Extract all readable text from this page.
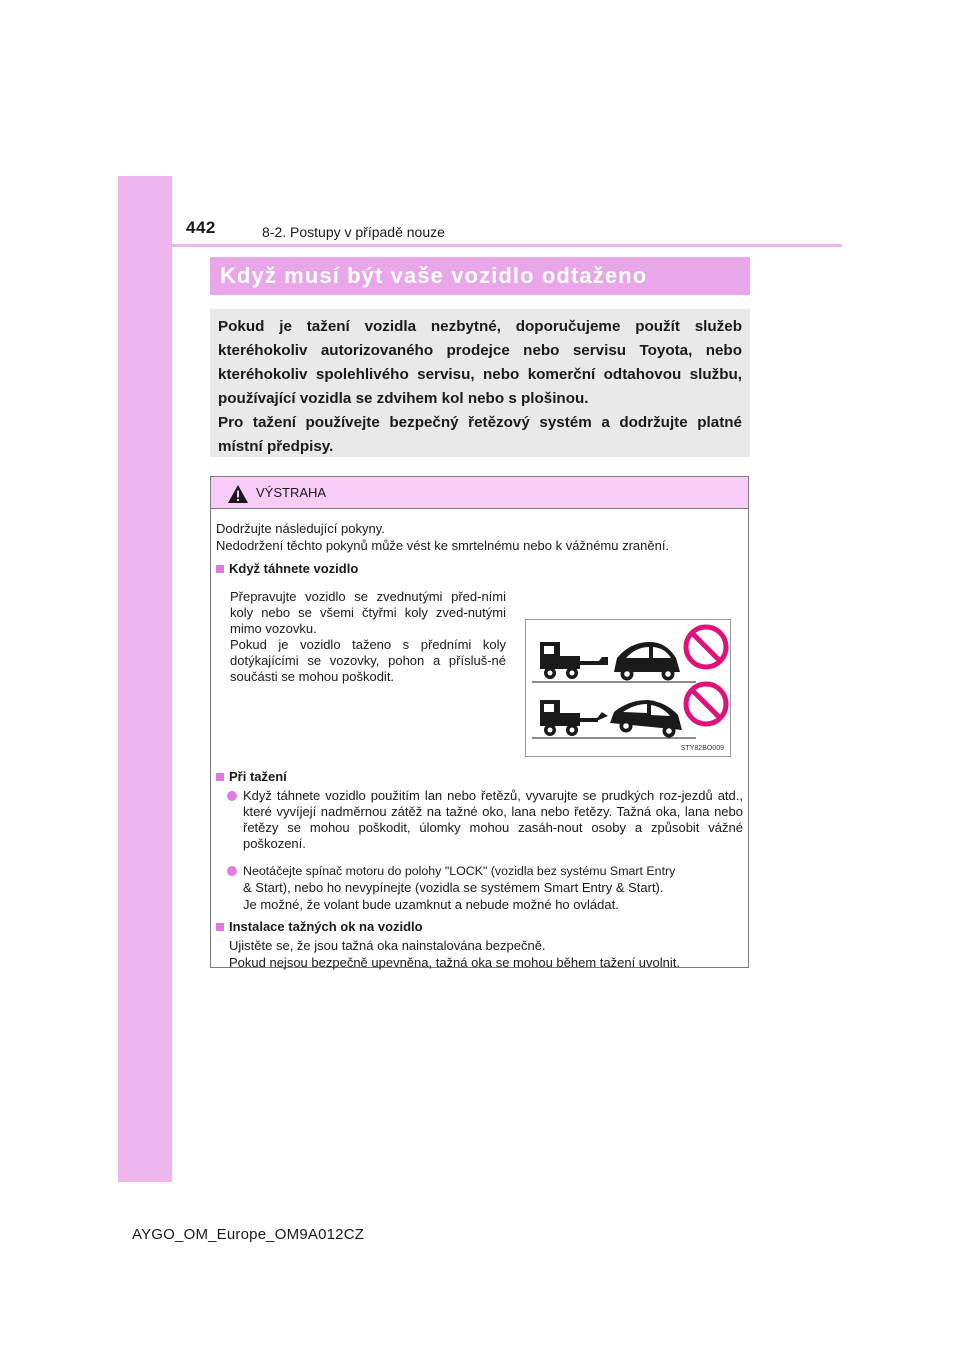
442	8-2. Postupy v případě nouze
Když musí být vaše vozidlo odtaženo

Pokud je tažení vozidla nezbytné, doporučujeme použít služeb kteréhokoliv autorizovaného prodejce nebo servisu Toyota, nebo kteréhokoliv spolehlivého servisu, nebo komerční odtahovou službu, používající vozidla se zdvihem kol nebo s plošinou.

Pro tažení používejte bezpečný řetězový systém a dodržujte platné místní předpisy.

VÝSTRAHA
Dodržujte následující pokyny.
Nedodržení těchto pokynů může vést ke smrtelnému nebo k vážnému zranění.
Když táhnete vozidlo
Přepravujte vozidlo se zvednutými před-ními koly nebo se všemi čtyřmi koly zved-nutými mimo vozovku.
Pokud je vozidlo taženo s předními koly dotýkajícími se vozovky, pohon a přísluš-né součásti se mohou poškodit.
STY82BO009
Při tažení
Když táhnete vozidlo použitím lan nebo řetězů, vyvarujte se prudkých roz-jezdů atd., které vyvíjejí nadměrnou zátěž na tažné oko, lana nebo řetězy. Tažná oka, lana nebo řetězy se mohou poškodit, úlomky mohou zasáh-nout osoby a způsobit vážné poškození.
Neotáčejte spínač motoru do polohy "LOCK" (vozidla bez systému Smart Entry
& Start), nebo ho nevypínejte (vozidla se systémem Smart Entry & Start).
Je možné, že volant bude uzamknut a nebude možné ho ovládat.
Instalace tažných ok na vozidlo
Ujistěte se, že jsou tažná oka nainstalována bezpečně.
Pokud nejsou bezpečně upevněna, tažná oka se mohou během tažení uvolnit.
AYGO_OM_Europe_OM9A012CZ
